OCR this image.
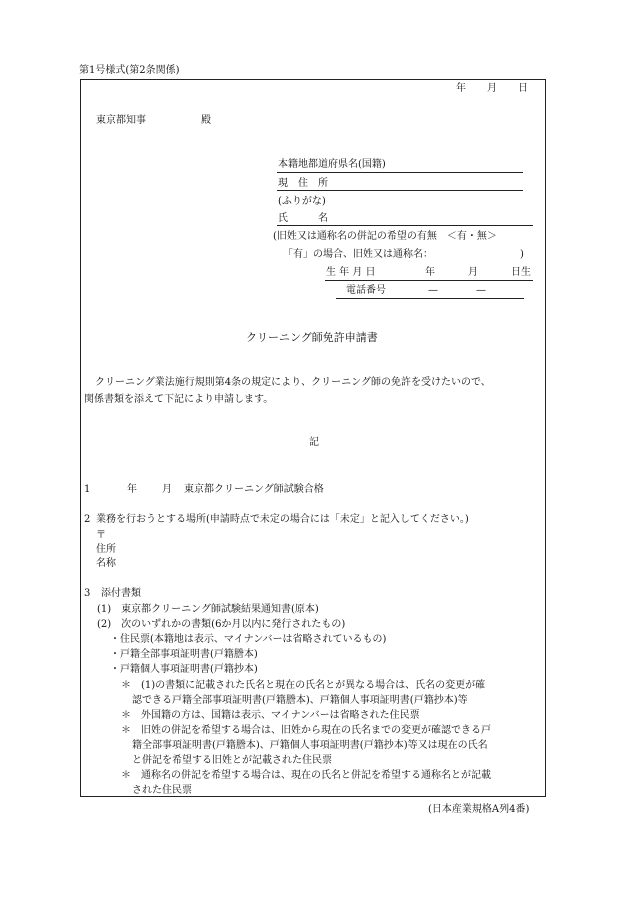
第1号様式(第2条関係)
年 月 日
東京都知事	殿
本籍地都道府県名(国籍)
現　住　所
(ふりがな)
氏　　　名
(旧姓又は通称名の併記の希望の有無　＜有・無＞
「有」の場合、旧姓又は通称名：	)
生 年 月 日	年	月	日生
電話番号	—	—
クリーニング師免許申請書
クリーニング業法施行規則第4条の規定により、クリーニング師の免許を受けたいので、
関係書類を添えて下記により申請します。
記
1	年	月 東京都クリーニング師試験合格
2 業務を行おうとする場所(申請時点で未定の場合には「未定」と記入してください。)
〒
住所
名称
3 添付書類
(1)　東京都クリーニング師試験結果通知書(原本)
(2)　次のいずれかの書類(6か月以内に発行されたもの)
・住民票(本籍地は表示、マイナンバーは省略されているもの)
・戸籍全部事項証明書(戸籍謄本)
・戸籍個人事項証明書(戸籍抄本)
＊　(1)の書類に記載された氏名と現在の氏名とが異なる場合は、氏名の変更が確
認できる戸籍全部事項証明書(戸籍謄本)、戸籍個人事項証明書(戸籍抄本)等
＊　外国籍の方は、国籍は表示、マイナンバーは省略された住民票
＊　旧姓の併記を希望する場合は、旧姓から現在の氏名までの変更が確認できる戸
籍全部事項証明書(戸籍謄本)、戸籍個人事項証明書(戸籍抄本)等又は現在の氏名
と併記を希望する旧姓とが記載された住民票
＊　通称名の併記を希望する場合は、現在の氏名と併記を希望する通称名とが記載
された住民票
(日本産業規格A列4番)
